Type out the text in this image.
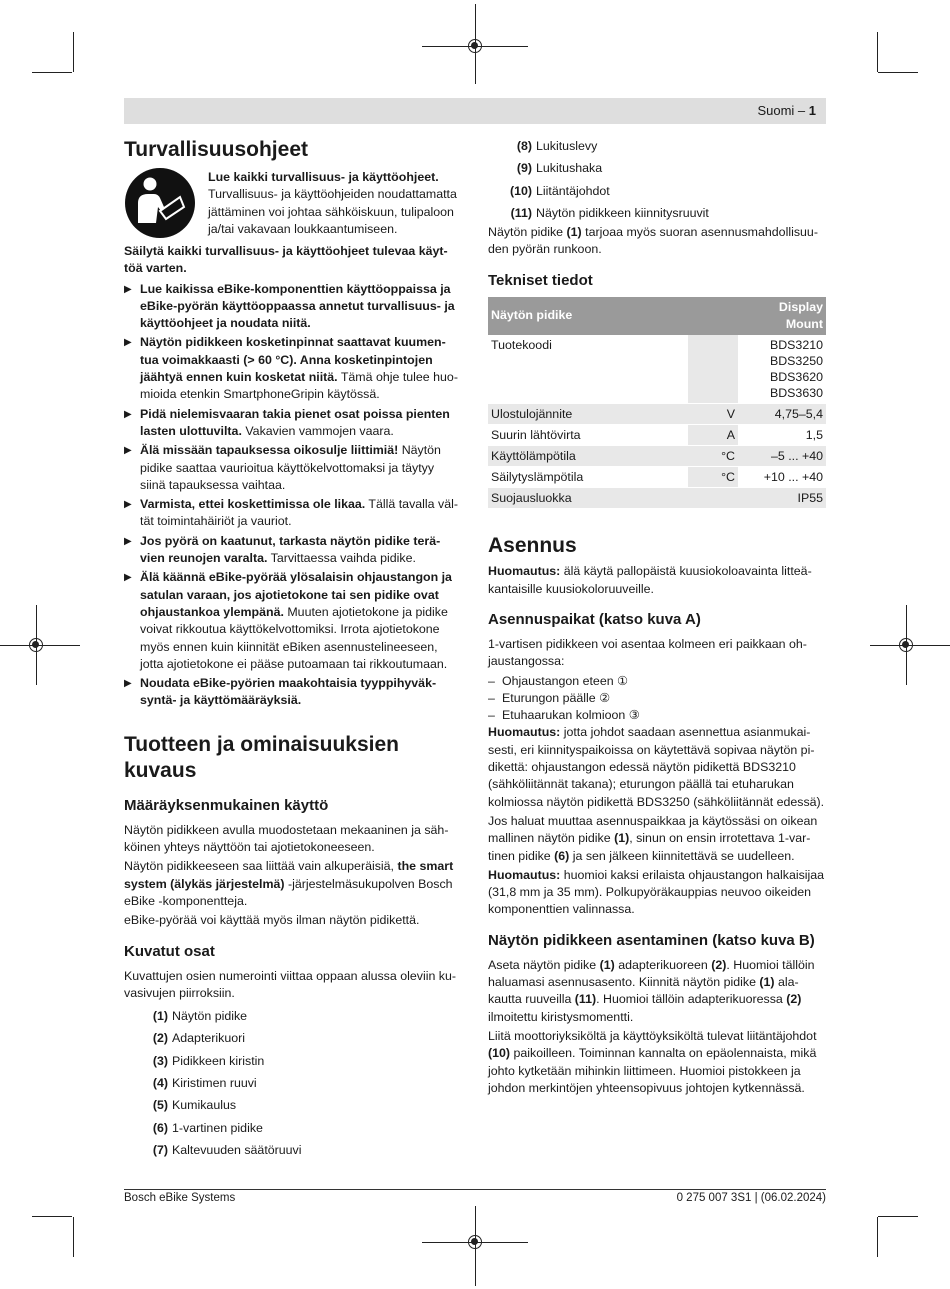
Suomi – 1
Turvallisuusohjeet

Lue kaikki turvallisuus- ja käyttöohjeet. Turvallisuus- ja käyttöohjeiden noudattamatta jättäminen voi johtaa sähköiskuun, tulipaloon ja/tai vakavaan loukkaantumiseen.

Säilytä kaikki turvallisuus- ja käyttöohjeet tulevaa käyttöä varten.

▶ Lue kaikissa eBike-komponenttien käyttöoppaissa ja eBike-pyörän käyttöoppaassa annetut turvallisuus- ja käyttöohjeet ja noudata niitä.

▶ Näytön pidikkeen kosketinpinnat saattavat kuumentua voimakkaasti (> 60 °C). Anna kosketinpintojen jäähtyä ennen kuin kosketat niitä. Tämä ohje tulee huomioida etenkin SmartphoneGripin käytössä.

▶ Pidä nielemisvaaran takia pienet osat poissa pienten lasten ulottuvilta. Vakavien vammojen vaara.

▶ Älä missään tapauksessa oikosulje liittimiä! Näytön pidike saattaa vaurioitua käyttökelvottomaksi ja täytyy siinä tapauksessa vaihtaa.

▶ Varmista, ettei koskettimissa ole likaa. Tällä tavalla vältät toimintahäiriöt ja vauriot.

▶ Jos pyörä on kaatunut, tarkasta näytön pidike terävien reunojen varalta. Tarvittaessa vaihda pidike.

▶ Älä käännä eBike-pyörää ylösalaisin ohjaustangon ja satulan varaan, jos ajotietokone tai sen pidike ovat ohjaustankoa ylempänä. Muuten ajotietokone ja pidike voivat rikkoutua käyttökelvottomiksi. Irrota ajotietokone myös ennen kuin kiinnität eBiken asennustelineeseen, jotta ajotietokone ei pääse putoamaan tai rikkoutumaan.

▶ Noudata eBike-pyörien maakohtaisia tyyppihyväksyntä- ja käyttömääräyksiä.

Tuotteen ja ominaisuuksien kuvaus
Määräyksenmukainen käyttö

Näytön pidikkeen avulla muodostetaan mekaaninen ja sähköinen yhteys näyttöön tai ajotietokoneeseen.

Näytön pidikkeeseen saa liittää vain alkuperäisiä, the smart system (älykäs järjestelmä) -järjestelmäsukupolven Bosch eBike -komponentteja.

eBike-pyörää voi käyttää myös ilman näytön pidikettä.

Kuvatut osat

Kuvattujen osien numerointi viittaa oppaan alussa oleviin kuvasivujen piirroksiin.

(1) Näytön pidike
(2) Adapterikuori
(3) Pidikkeen kiristin
(4) Kiristimen ruuvi
(5) Kumikaulus
(6) 1-vartinen pidike
(7) Kaltevuuden säätöruuvi
(8) Lukituslevy
(9) Lukitushaka
(10) Liitäntäjohdot
(11) Näytön pidikkeen kiinnitysruuvit

Näytön pidike (1) tarjoaa myös suoran asennusmahdollisuuden pyörän runkoon.

Tekniset tiedot
Näytön pidike		Display Mount
Tuotekoodi		BDS3210
BDS3250
BDS3620
BDS3630

Ulostulojännite	V	4,75–5,4
Suurin lähtövirta	A	1,5
Käyttölämpötila	°C	–5 ... +40
Säilytyslämpötila	°C	+10 ... +40
Suojausluokka		IP55
Asennus

Huomautus: älä käytä pallopäistä kuusiokoloavainta litteäkantaisille kuusiokoloruuveille.

Asennuspaikat (katso kuva A)

1-vartisen pidikkeen voi asentaa kolmeen eri paikkaan ohjaustangossa:

– Ohjaustangon eteen ①
– Eturungon päälle ②
– Etuhaarukan kolmioon ③

Huomautus: jotta johdot saadaan asennettua asianmukaisesti, eri kiinnityspaikoissa on käytettävä sopivaa näytön pidikettä: ohjaustangon edessä näytön pidikettä BDS3210 (sähköliitännät takana); eturungon päällä tai etuharukan kolmiossa näytön pidikettä BDS3250 (sähköliitännät edessä).

Jos haluat muuttaa asennuspaikkaa ja käytössäsi on oikean mallinen näytön pidike (1), sinun on ensin irrotettava 1-vartinen pidike (6) ja sen jälkeen kiinnitettävä se uudelleen.

Huomautus: huomioi kaksi erilaista ohjaustangon halkaisijaa (31,8 mm ja 35 mm). Polkupyöräkauppias neuvoo oikeiden komponenttien valinnassa.

Näytön pidikkeen asentaminen (katso kuva B)

Aseta näytön pidike (1) adapterikuoreen (2). Huomioi tällöin haluamasi asennusasento. Kiinnitä näytön pidike (1) alakautta ruuveilla (11). Huomioi tällöin adapterikuoressa (2) ilmoitettu kiristysmomentti.

Liitä moottoriyksiköltä ja käyttöyksiköltä tulevat liitäntäjohdot (10) paikoilleen. Toiminnan kannalta on epäolennaista, mikä johto kytketään mihinkin liittimeen. Huomioi pistokkeen ja johdon merkintöjen yhteensopivuus johtojen kytkennässä.

Bosch eBike Systems	0 275 007 3S1 | (06.02.2024)
